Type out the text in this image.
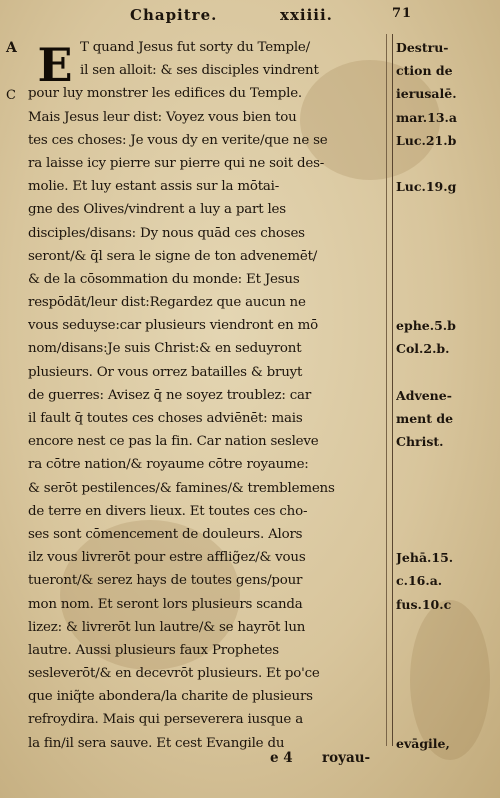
Chapitre.	xxiiii.	71
A
C
E T quand Jesus fut sorty du Temple/
il sen alloit: & ses disciples vindrent
pour luy monstrer les edifices du Temple.
Mais Jesus leur dist: Voyez vous bien tou
tes ces choses: Je vous dy en verite/que ne se
ra laisse icy pierre sur pierre qui ne soit des-
molie. Et luy estant assis sur la mōtai-
gne des Olives/vindrent a luy a part les
disciples/disans: Dy nous quād ces choses
seront/& q̄l sera le signe de ton advenemēt/
& de la cōsommation du monde: Et Jesus
respōdāt/leur dist:Regardez que aucun ne
vous seduyse:car plusieurs viendront en mō
nom/disans:Je suis Christ:& en seduyront
plusieurs. Or vous orrez batailles & bruyt
de guerres: Avisez q̄ ne soyez troublez: car
il fault q̄ toutes ces choses adviēnēt: mais
encore nest ce pas la fin. Car nation sesleve
ra cōtre nation/& royaume cōtre royaume:
& serōt pestilences/& famines/& tremblemens
de terre en divers lieux. Et toutes ces cho-
ses sont cōmencement de douleurs. Alors
ilz vous livrerōt pour estre afflig̃ez/& vous
tueront/& serez hays de toutes gens/pour
mon nom. Et seront lors plusieurs scanda
lizez: & livrerōt lun lautre/& se hayrōt lun
lautre. Aussi plusieurs faux Prophetes
sesleverōt/& en decevrōt plusieurs. Et po'ce
que iniq̃te abondera/la charite de plusieurs
refroydira. Mais qui perseverera iusque a
la fin/il sera sauve. Et cest Evangile du
Destru-
ction de
ierusalē.
mar.13.a
Luc.21.b
Luc.19.g
ephe.5.b
Col.2.b.
Advene-
ment de
Christ.
Jehā.15.
c.16.a.
fus.10.c
evāgile,
e 4 royau-
